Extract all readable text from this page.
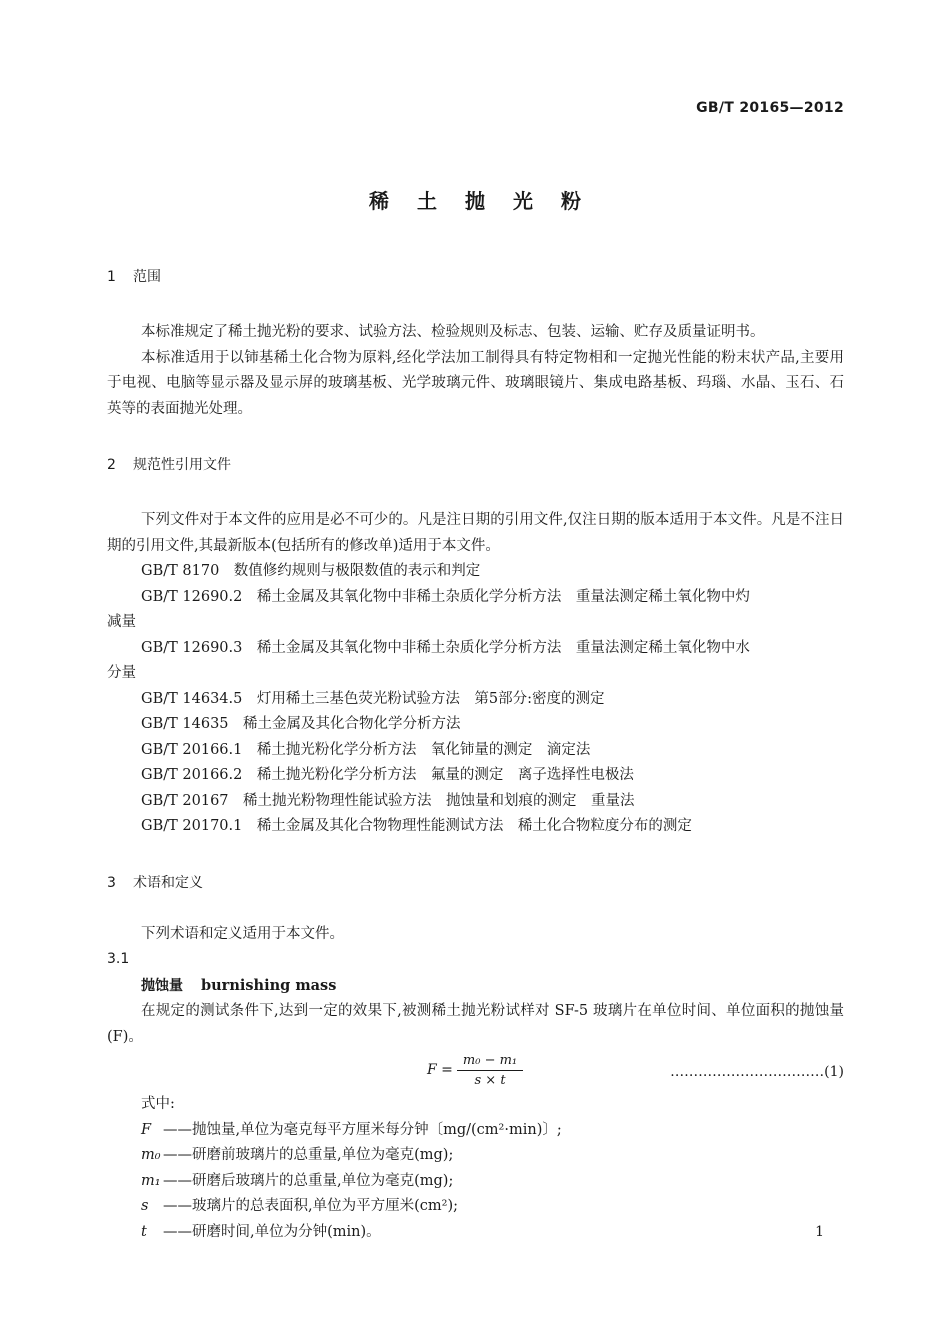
GB/T 20165—2012
稀土抛光粉

1 范围

本标准规定了稀土抛光粉的要求、试验方法、检验规则及标志、包装、运输、贮存及质量证明书。

本标准适用于以铈基稀土化合物为原料,经化学法加工制得具有特定物相和一定抛光性能的粉末状产品,主要用于电视、电脑等显示器及显示屏的玻璃基板、光学玻璃元件、玻璃眼镜片、集成电路基板、玛瑙、水晶、玉石、石英等的表面抛光处理。

2 规范性引用文件

下列文件对于本文件的应用是必不可少的。凡是注日期的引用文件,仅注日期的版本适用于本文件。凡是不注日期的引用文件,其最新版本(包括所有的修改单)适用于本文件。

GB/T 8170　数值修约规则与极限数值的表示和判定

GB/T 12690.2　稀土金属及其氧化物中非稀土杂质化学分析方法　重量法测定稀土氧化物中灼

减量

GB/T 12690.3　稀土金属及其氧化物中非稀土杂质化学分析方法　重量法测定稀土氧化物中水

分量

GB/T 14634.5　灯用稀土三基色荧光粉试验方法　第5部分:密度的测定

GB/T 14635　稀土金属及其化合物化学分析方法

GB/T 20166.1　稀土抛光粉化学分析方法　氧化铈量的测定　滴定法

GB/T 20166.2　稀土抛光粉化学分析方法　氟量的测定　离子选择性电极法

GB/T 20167　稀土抛光粉物理性能试验方法　抛蚀量和划痕的测定　重量法

GB/T 20170.1　稀土金属及其化合物物理性能测试方法　稀土化合物粒度分布的测定

3 术语和定义

下列术语和定义适用于本文件。

3.1

抛蚀量 burnishing mass

在规定的测试条件下,达到一定的效果下,被测稀土抛光粉试样对 SF-5 玻璃片在单位时间、单位面积的抛蚀量(F)。

$F = \frac{\text{m₀ − m₁}}{s \times t}$	……………………………(1)

式中:

F ——抛蚀量,单位为毫克每平方厘米每分钟〔mg/(cm²·min)〕;

m₀ ——研磨前玻璃片的总重量,单位为毫克(mg);

m₁ ——研磨后玻璃片的总重量,单位为毫克(mg);

s ——玻璃片的总表面积,单位为平方厘米(cm²);

t ——研磨时间,单位为分钟(min)。	1
